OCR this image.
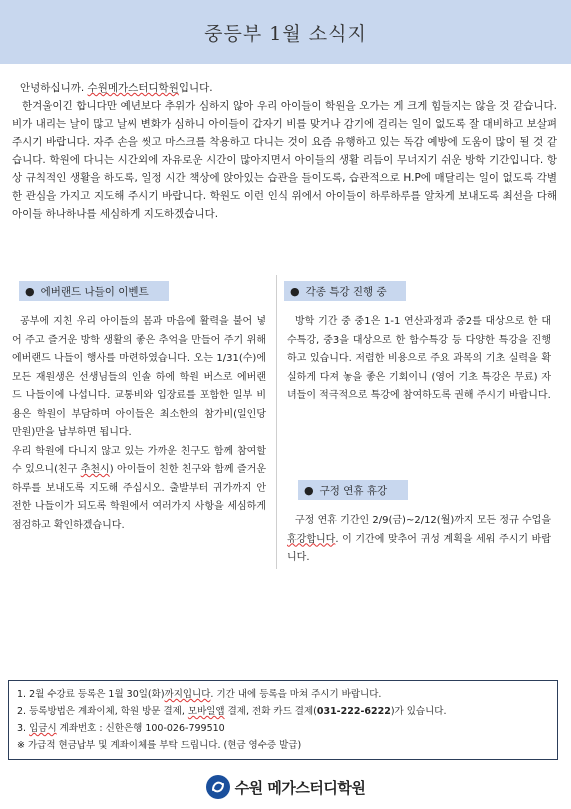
중등부 1월 소식지

안녕하십니까. 수원메가스터디학원입니다.

한겨울이긴 합니다만 예년보다 추위가 심하지 않아 우리 아이들이 학원을 오가는 게 크게 힘들지는 않을 것 같습니다. 비가 내리는 날이 많고 날씨 변화가 심하니 아이들이 갑자기 비를 맞거나 감기에 걸리는 일이 없도록 잘 대비하고 보살펴 주시기 바랍니다. 자주 손을 씻고 마스크를 착용하고 다니는 것이 요즘 유행하고 있는 독감 예방에 도움이 많이 될 것 같습니다. 학원에 다니는 시간외에 자유로운 시간이 많아지면서 아이들의 생활 리듬이 무너지기 쉬운 방학 기간입니다. 항상 규칙적인 생활을 하도록, 일정 시간 책상에 앉아있는 습관을 들이도록, 습관적으로 H.P에 매달리는 일이 없도록 각별한 관심을 가지고 지도해 주시기 바랍니다. 학원도 이런 인식 위에서 아이들이 하루하루를 알차게 보내도록 최선을 다해 아이들 하나하나를 세심하게 지도하겠습니다.

● 에버랜드 나들이 이벤트
공부에 지친 우리 아이들의 몸과 마음에 활력을 불어 넣어 주고 즐거운 방학 생활의 좋은 추억을 만들어 주기 위해 에버랜드 나들이 행사를 마련하였습니다. 오는 1/31(수)에 모든 재원생은 선생님들의 인솔 하에 학원 버스로 에버랜드 나들이에 나섭니다. 교통비와 입장료를 포함한 일부 비용은 학원이 부담하며 아이들은 최소한의 참가비(일인당 만원)만을 납부하면 됩니다.
우리 학원에 다니지 않고 있는 가까운 친구도 함께 참여할 수 있으니(친구 추천시) 아이들이 친한 친구와 함께 즐거운 하루를 보내도록 지도해 주십시오. 출발부터 귀가까지 안전한 나들이가 되도록 학원에서 여러가지 사항을 세심하게 점검하고 확인하겠습니다.
● 각종 특강 진행 중
방학 기간 중 중1은 1-1 연산과정과 중2를 대상으로 한 대수특강, 중3을 대상으로 한 함수특강 등 다양한 특강을 진행하고 있습니다. 저렴한 비용으로 주요 과목의 기초 실력을 확실하게 다져 놓을 좋은 기회이니 (영어 기초 특강은 무료) 자녀들이 적극적으로 특강에 참여하도록 권해 주시기 바랍니다.
● 구정 연휴 휴강
구정 연휴 기간인 2/9(금)~2/12(월)까지 모든 정규 수업을 휴강합니다. 이 기간에 맞추어 귀성 계획을 세워 주시기 바랍니다.
1. 2월 수강료 등록은 1월 30일(화)까지입니다. 기간 내에 등록을 마쳐 주시기 바랍니다.
2. 등록방법은 계좌이체, 학원 방문 결제, 모바일앱 결제, 전화 카드 결제(031-222-6222)가 있습니다.
3. 입금시 계좌번호 : 신한은행 100-026-799510
※ 가급적 현금납부 및 계좌이체를 부탁 드립니다. (현금 영수증 발급)
수원 메가스터디학원
